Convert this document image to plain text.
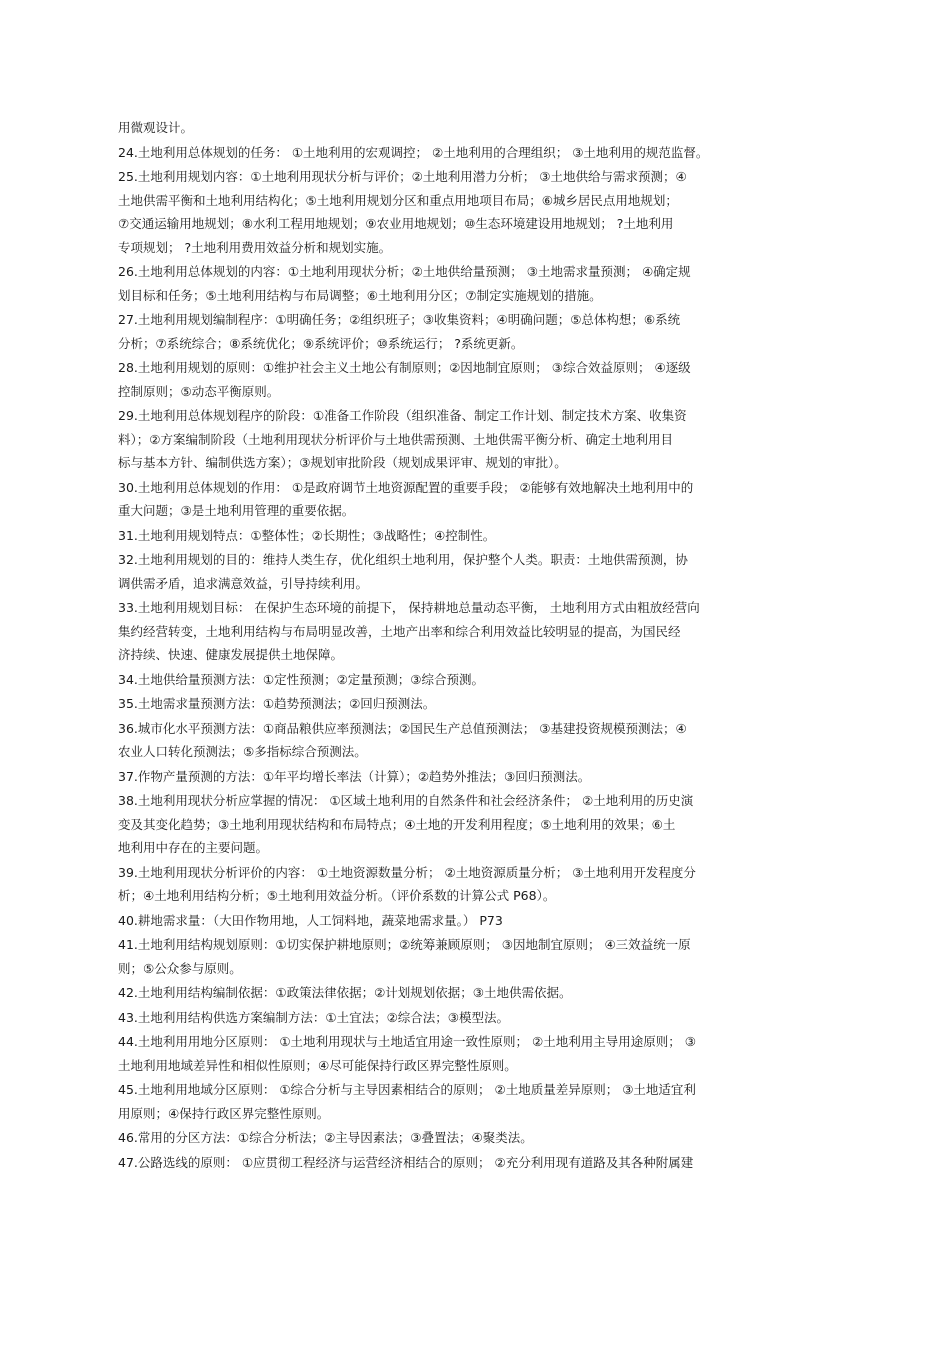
用微观设计。
24.土地利用总体规划的任务： ①土地利用的宏观调控； ②土地利用的合理组织； ③土地利用的规范监督。
25.土地利用规划内容：①土地利用现状分析与评价；②土地利用潜力分析； ③土地供给与需求预测；④
土地供需平衡和土地利用结构化；⑤土地利用规划分区和重点用地项目布局；⑥城乡居民点用地规划；
⑦交通运输用地规划；⑧水利工程用地规划；⑨农业用地规划；⑩生态环境建设用地规划； ?土地利用
专项规划； ?土地利用费用效益分析和规划实施。
26.土地利用总体规划的内容：①土地利用现状分析；②土地供给量预测； ③土地需求量预测； ④确定规
划目标和任务；⑤土地利用结构与布局调整；⑥土地利用分区；⑦制定实施规划的措施。
27.土地利用规划编制程序：①明确任务；②组织班子；③收集资料；④明确问题；⑤总体构想；⑥系统
分析；⑦系统综合；⑧系统优化；⑨系统评价；⑩系统运行； ?系统更新。
28.土地利用规划的原则：①维护社会主义土地公有制原则；②因地制宜原则； ③综合效益原则； ④逐级
控制原则；⑤动态平衡原则。
29.土地利用总体规划程序的阶段：①准备工作阶段（组织准备、制定工作计划、制定技术方案、收集资
料）；②方案编制阶段（土地利用现状分析评价与土地供需预测、土地供需平衡分析、确定土地利用目
标与基本方针、编制供选方案）；③规划审批阶段（规划成果评审、规划的审批）。
30.土地利用总体规划的作用： ①是政府调节土地资源配置的重要手段； ②能够有效地解决土地利用中的
重大问题；③是土地利用管理的重要依据。
31.土地利用规划特点：①整体性；②长期性；③战略性；④控制性。
32.土地利用规划的目的：维持人类生存，优化组织土地利用，保护整个人类。职责：土地供需预测，协
调供需矛盾，追求满意效益，引导持续利用。
33.土地利用规划目标： 在保护生态环境的前提下， 保持耕地总量动态平衡， 土地利用方式由粗放经营向
集约经营转变，土地利用结构与布局明显改善，土地产出率和综合利用效益比较明显的提高，为国民经
济持续、快速、健康发展提供土地保障。
34.土地供给量预测方法：①定性预测；②定量预测；③综合预测。
35.土地需求量预测方法：①趋势预测法；②回归预测法。
36.城市化水平预测方法：①商品粮供应率预测法；②国民生产总值预测法； ③基建投资规模预测法；④
农业人口转化预测法；⑤多指标综合预测法。
37.作物产量预测的方法：①年平均增长率法（计算）；②趋势外推法；③回归预测法。
38.土地利用现状分析应掌握的情况： ①区域土地利用的自然条件和社会经济条件； ②土地利用的历史演
变及其变化趋势；③土地利用现状结构和布局特点；④土地的开发利用程度；⑤土地利用的效果；⑥土
地利用中存在的主要问题。
39.土地利用现状分析评价的内容： ①土地资源数量分析； ②土地资源质量分析； ③土地利用开发程度分
析；④土地利用结构分析；⑤土地利用效益分析。（评价系数的计算公式 P68）。
40.耕地需求量：（大田作物用地，人工饲料地，蔬菜地需求量。） P73
41.土地利用结构规划原则：①切实保护耕地原则；②统筹兼顾原则； ③因地制宜原则； ④三效益统一原
则；⑤公众参与原则。
42.土地利用结构编制依据：①政策法律依据；②计划规划依据；③土地供需依据。
43.土地利用结构供选方案编制方法：①土宜法；②综合法；③模型法。
44.土地利用用地分区原则： ①土地利用现状与土地适宜用途一致性原则； ②土地利用主导用途原则； ③
土地利用地域差异性和相似性原则；④尽可能保持行政区界完整性原则。
45.土地利用地域分区原则： ①综合分析与主导因素相结合的原则； ②土地质量差异原则； ③土地适宜利
用原则；④保持行政区界完整性原则。
46.常用的分区方法：①综合分析法；②主导因素法；③叠置法；④聚类法。
47.公路选线的原则： ①应贯彻工程经济与运营经济相结合的原则； ②充分利用现有道路及其各种附属建
